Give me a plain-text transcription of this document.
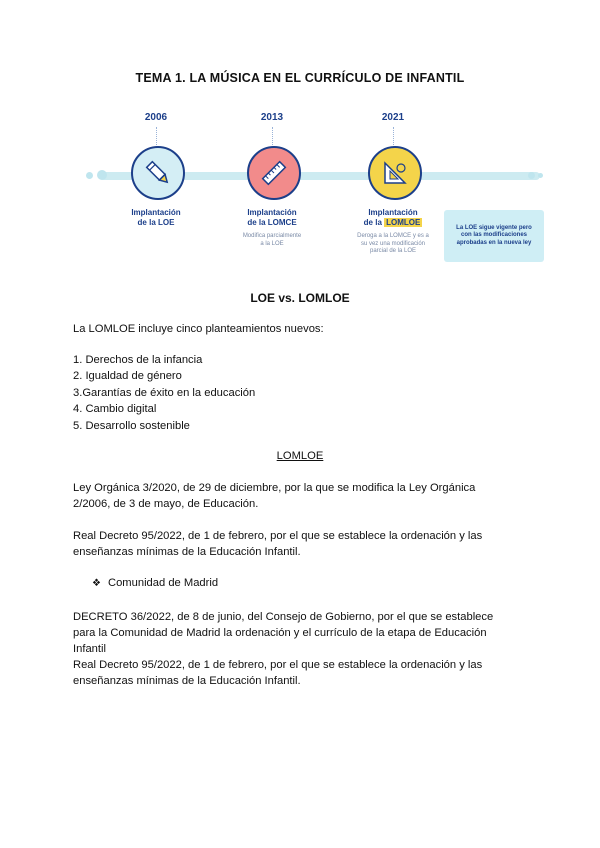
TEMA 1. LA MÚSICA EN EL CURRÍCULO DE INFANTIL
2006
Implantación
de la LOE
2013
Implantación
de la LOMCE
Modifica parcialmente
a la LOE
2021
Implantación
de la LOMLOE
Deroga a la LOMCE y es a
su vez una modificación
parcial de la LOE
La LOE sigue vigente pero con las modificaciones aprobadas en la nueva ley
LOE vs. LOMLOE
La LOMLOE incluye cinco planteamientos nuevos:
1. Derechos de la infancia
2. Igualdad de género
3.Garantías de éxito en la educación
4. Cambio digital
5. Desarrollo sostenible
LOMLOE
Ley Orgánica 3/2020, de 29 de diciembre, por la que se modifica la Ley Orgánica
2/2006, de 3 de mayo, de Educación.
Real Decreto 95/2022, de 1 de febrero, por el que se establece la ordenación y las
enseñanzas mínimas de la Educación Infantil.
❖ Comunidad de Madrid
DECRETO 36/2022, de 8 de junio, del Consejo de Gobierno, por el que se establece
para la Comunidad de Madrid la ordenación y el currículo de la etapa de Educación
Infantil
Real Decreto 95/2022, de 1 de febrero, por el que se establece la ordenación y las
enseñanzas mínimas de la Educación Infantil.
